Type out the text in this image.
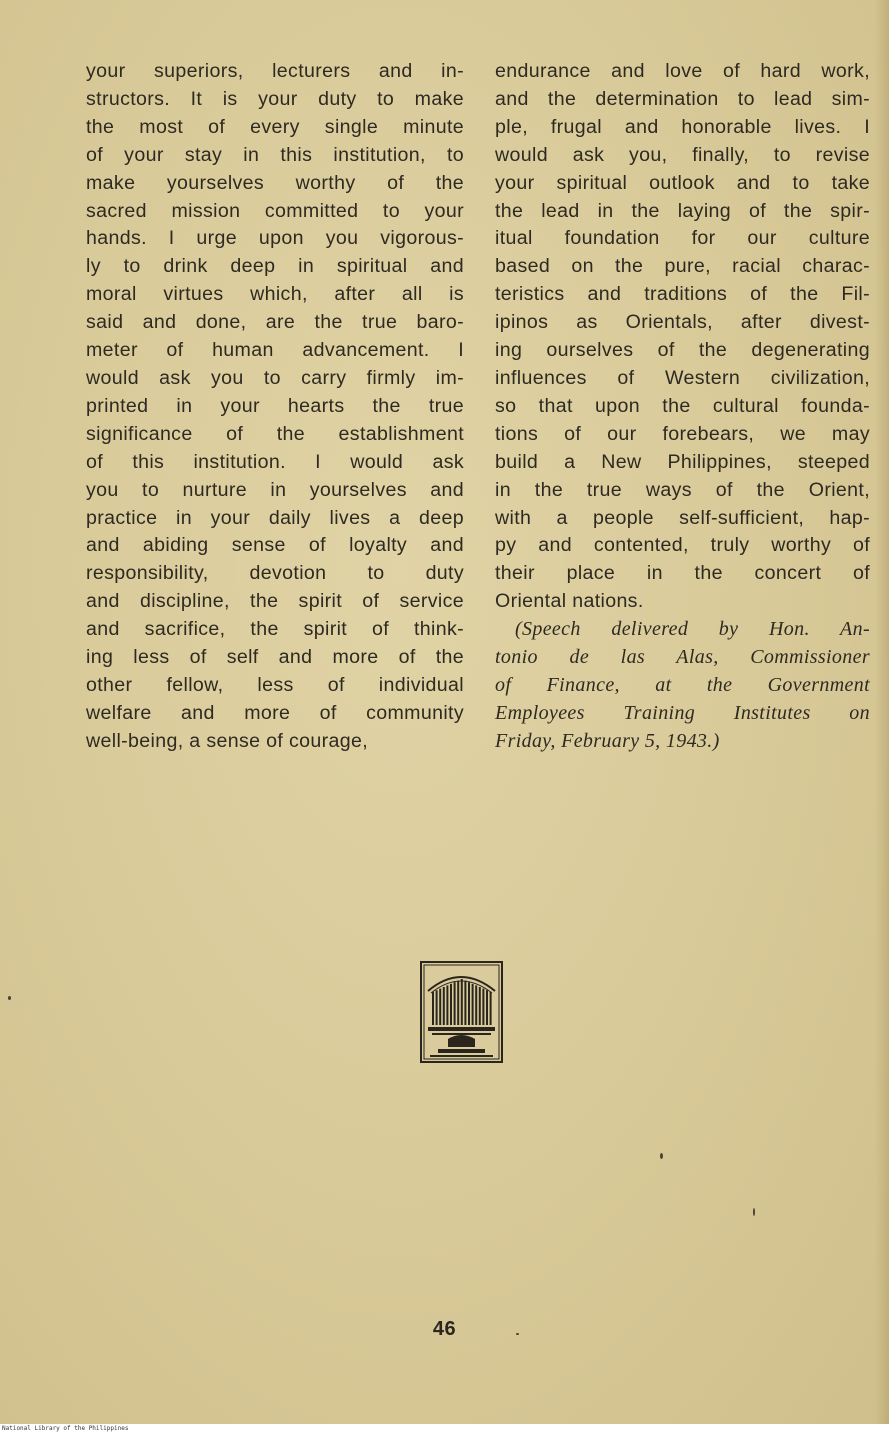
your superiors, lecturers and in-
structors. It is your duty to make
the most of every single minute
of your stay in this institution, to
make yourselves worthy of the
sacred mission committed to your
hands. I urge upon you vigorous-
ly to drink deep in spiritual and
moral virtues which, after all is
said and done, are the true baro-
meter of human advancement. I
would ask you to carry firmly im-
printed in your hearts the true
significance of the establishment
of this institution. I would ask
you to nurture in yourselves and
practice in your daily lives a deep
and abiding sense of loyalty and
responsibility, devotion to duty
and discipline, the spirit of service
and sacrifice, the spirit of think-
ing less of self and more of the
other fellow, less of individual
welfare and more of community
well-being, a sense of courage,
endurance and love of hard work,
and the determination to lead sim-
ple, frugal and honorable lives. I
would ask you, finally, to revise
your spiritual outlook and to take
the lead in the laying of the spir-
itual foundation for our culture
based on the pure, racial charac-
teristics and traditions of the Fil-
ipinos as Orientals, after divest-
ing ourselves of the degenerating
influences of Western civilization,
so that upon the cultural founda-
tions of our forebears, we may
build a New Philippines, steeped
in the true ways of the Orient,
with a people self-sufficient, hap-
py and contented, truly worthy of
their place in the concert of
Oriental nations.
(Speech delivered by Hon. An-
tonio de las Alas, Commissioner
of Finance, at the Government
Employees Training Institutes on
Friday, February 5, 1943.)
46
National Library of the Philippines
